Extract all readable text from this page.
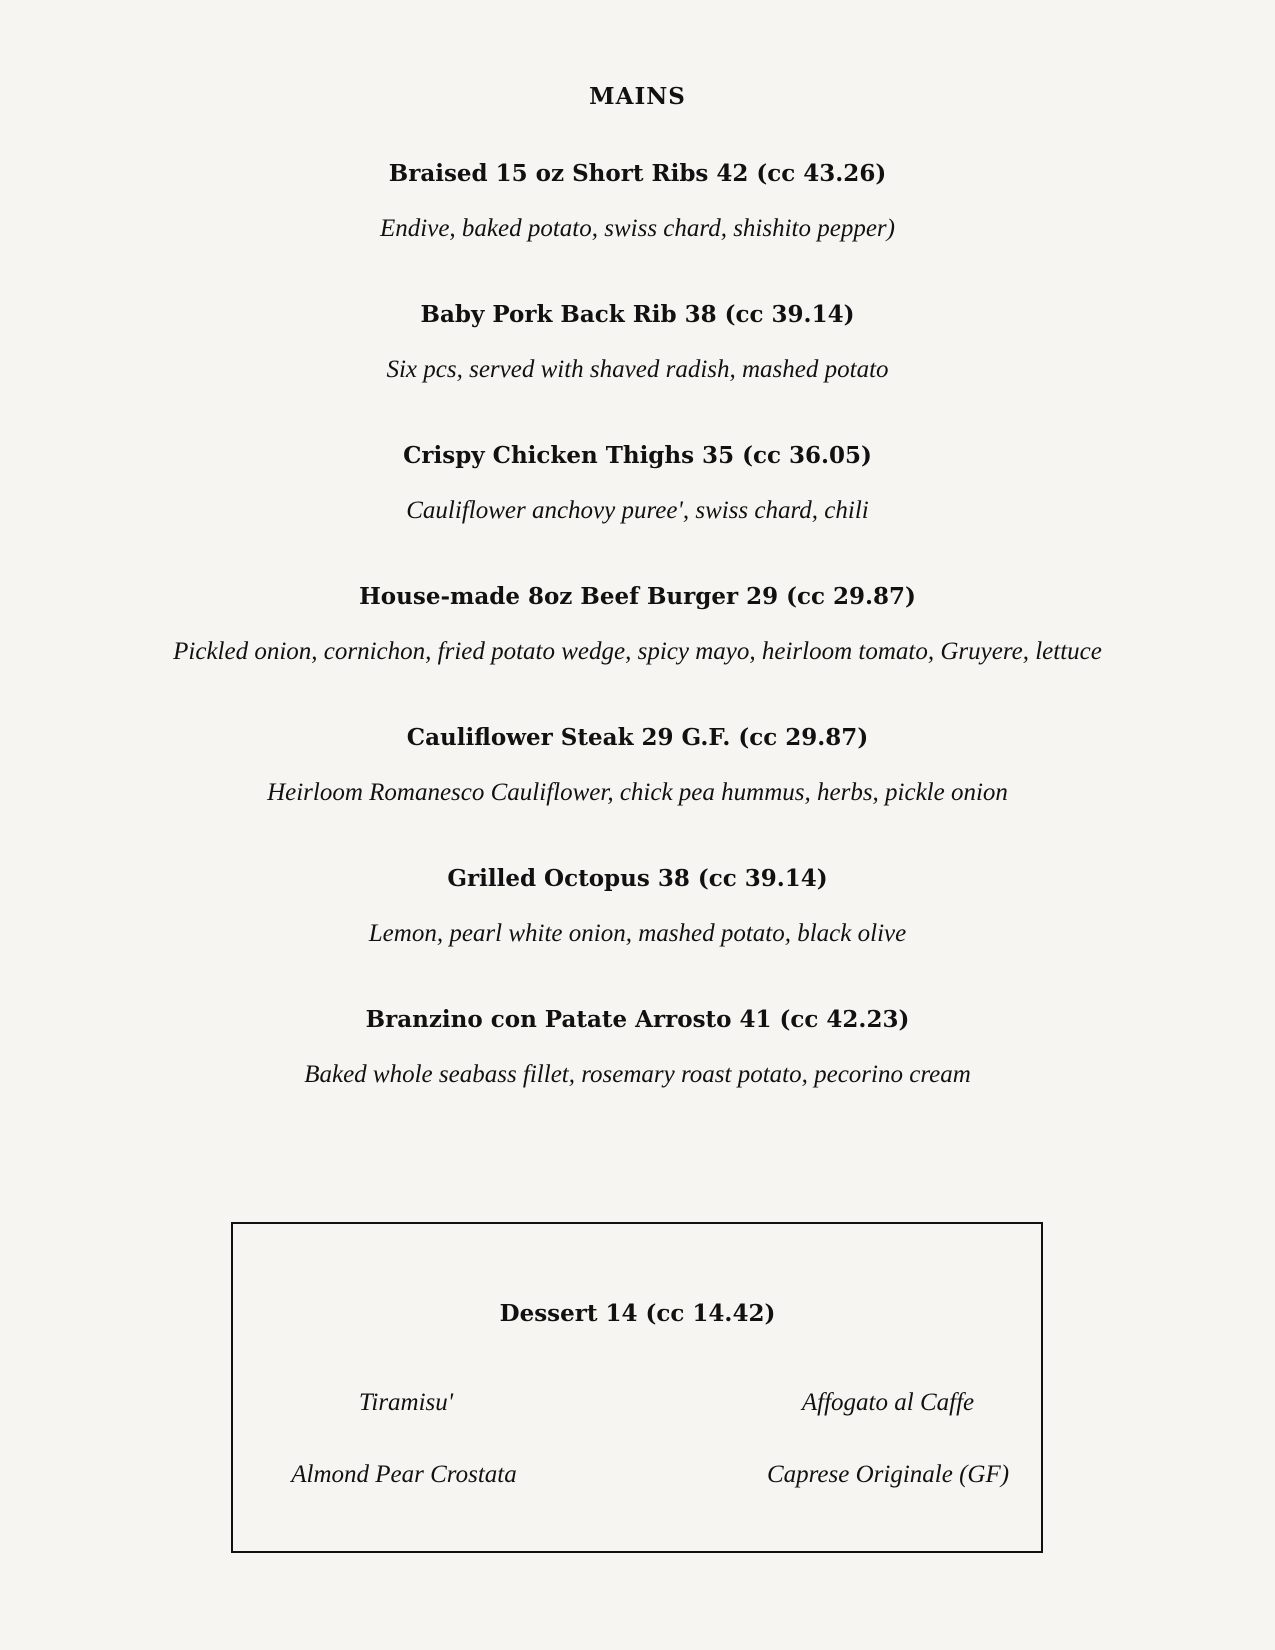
MAINS
Braised 15 oz Short Ribs 42 (cc 43.26)
Endive, baked potato, swiss chard, shishito pepper)
Baby Pork Back Rib 38 (cc 39.14)
Six pcs, served with shaved radish, mashed potato
Crispy Chicken Thighs 35 (cc 36.05)
Cauliflower anchovy puree', swiss chard, chili
House-made 8oz Beef Burger 29 (cc 29.87)
Pickled onion, cornichon, fried potato wedge, spicy mayo, heirloom tomato, Gruyere, lettuce
Cauliflower Steak 29 G.F. (cc 29.87)
Heirloom Romanesco Cauliflower, chick pea hummus, herbs, pickle onion
Grilled Octopus 38 (cc 39.14)
Lemon, pearl white onion, mashed potato, black olive
Branzino con Patate Arrosto 41 (cc 42.23)
Baked whole seabass fillet, rosemary roast potato, pecorino cream
Dessert 14 (cc 14.42)
Tiramisu'	Affogato al Caffe
Almond Pear Crostata	Caprese Originale (GF)
